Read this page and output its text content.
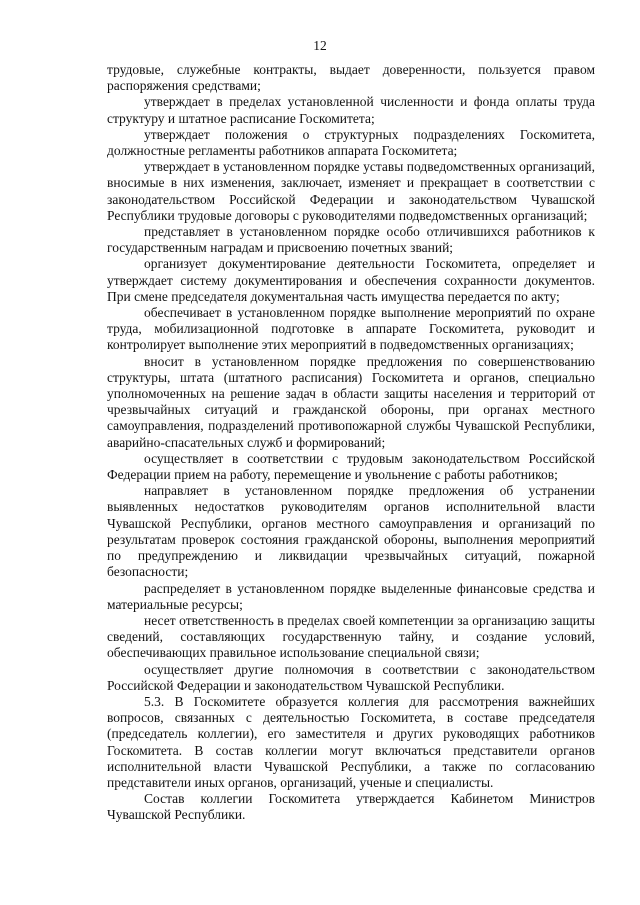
12

трудовые, служебные контракты, выдает доверенности, пользуется правом распоряжения средствами;

утверждает в пределах установленной численности и фонда оплаты труда структуру и штатное расписание Госкомитета;

утверждает положения о структурных подразделениях Госкомитета, должностные регламенты работников аппарата Госкомитета;

утверждает в установленном порядке уставы подведомственных организаций, вносимые в них изменения, заключает, изменяет и прекращает в соответствии с законодательством Российской Федерации и законодательством Чувашской Республики трудовые договоры с руководителями подведомственных организаций;

представляет в установленном порядке особо отличившихся работников к государственным наградам и присвоению почетных званий;

организует документирование деятельности Госкомитета, определяет и утверждает систему документирования и обеспечения сохранности документов. При смене председателя документальная часть имущества передается по акту;

обеспечивает в установленном порядке выполнение мероприятий по охране труда, мобилизационной подготовке в аппарате Госкомитета, руководит и контролирует выполнение этих мероприятий в подведомственных организациях;

вносит в установленном порядке предложения по совершенствованию структуры, штата (штатного расписания) Госкомитета и органов, специально уполномоченных на решение задач в области защиты населения и территорий от чрезвычайных ситуаций и гражданской обороны, при органах местного самоуправления, подразделений противопожарной службы Чувашской Республики, аварийно-спасательных служб и формирований;

осуществляет в соответствии с трудовым законодательством Российской Федерации прием на работу, перемещение и увольнение с работы работников;

направляет в установленном порядке предложения об устранении выявленных недостатков руководителям органов исполнительной власти Чувашской Республики, органов местного самоуправления и организаций по результатам проверок состояния гражданской обороны, выполнения мероприятий по предупреждению и ликвидации чрезвычайных ситуаций, пожарной безопасности;

распределяет в установленном порядке выделенные финансовые средства и материальные ресурсы;

несет ответственность в пределах своей компетенции за организацию защиты сведений, составляющих государственную тайну, и создание условий, обеспечивающих правильное использование специальной связи;

осуществляет другие полномочия в соответствии с законодательством Российской Федерации и законодательством Чувашской Республики.

5.3. В Госкомитете образуется коллегия для рассмотрения важнейших вопросов, связанных с деятельностью Госкомитета, в составе председателя (председатель коллегии), его заместителя и других руководящих работников Госкомитета. В состав коллегии могут включаться представители органов исполнительной власти Чувашской Республики, а также по согласованию представители иных органов, организаций, ученые и специалисты.

Состав коллегии Госкомитета утверждается Кабинетом Министров Чувашской Республики.
